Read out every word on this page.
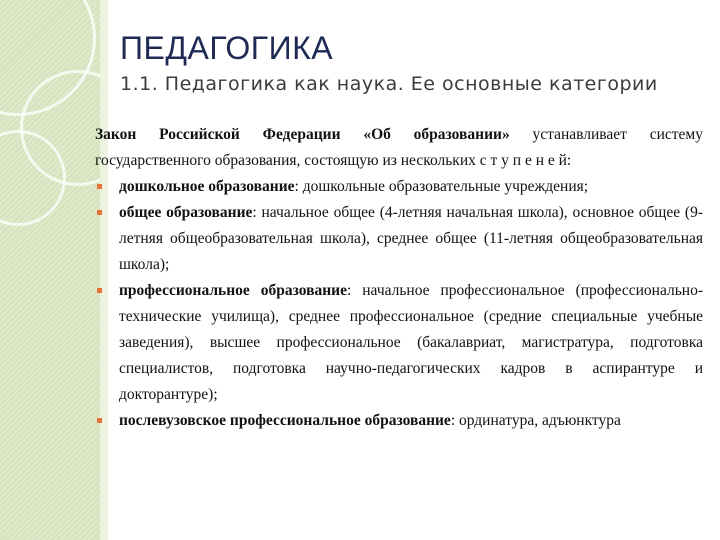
ПЕДАГОГИКА
1.1. Педагогика как наука. Ее основные категории

Закон Российской Федерации «Об образовании» устанавливает систему государственного образования, состоящую из нескольких с т у п е н е й:

дошкольное образование: дошкольные образовательные учреждения;
общее образование: начальное общее (4-летняя начальная школа), основное общее (9-летняя общеобразовательная школа), среднее общее (11-летняя общеобразовательная школа);
профессиональное образование: начальное профессиональное (профессионально-технические училища), среднее профессиональное (средние специальные учебные заведения), высшее профессиональное (бакалавриат, магистратура, подготовка специалистов, подготовка научно-педагогических кадров в аспирантуре и докторантуре);
послевузовское профессиональное образование: ординатура, адъюнктура
